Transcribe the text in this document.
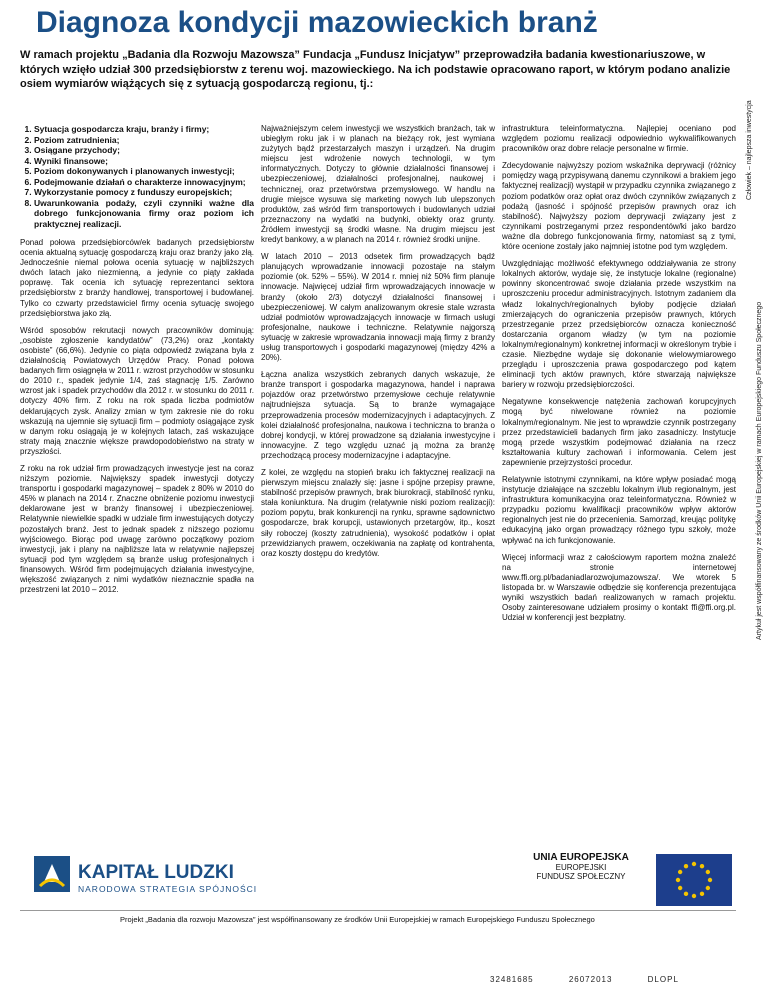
Diagnoza kondycji mazowieckich branż
W ramach projektu „Badania dla Rozwoju Mazowsza” Fundacja „Fundusz Inicjatyw” przeprowadziła badania kwestionariuszowe, w których wzięło udział 300 przedsiębiorstw z terenu woj. mazowieckiego. Na ich podstawie opracowano raport, w którym podano analizie osiem wymiarów wiążących się z sytuacją gospodarczą regionu, tj.:
1. Sytuacja gospodarcza kraju, branży i firmy;
2. Poziom zatrudnienia;
3. Osiągane przychody;
4. Wyniki finansowe;
5. Poziom dokonywanych i planowanych inwestycji;
6. Podejmowanie działań o charakterze innowacyjnym;
7. Wykorzystanie pomocy z funduszy europejskich;
8. Uwarunkowania podaży, czyli czynniki ważne dla dobrego funkcjonowania firmy oraz poziom ich praktycznej realizacji.

Ponad połowa przedsiębiorców/ek badanych przedsiębiorstw ocenia aktualną sytuację gospodarczą kraju oraz branży jako złą. Jednocześnie niemal połowa ocenia sytuację w najbliższych dwóch latach jako niezmienną, a jedynie co piąty zakłada poprawę. Tak ocenia ich sytuację reprezentanci sektora przedsiębiorstw z branży handlowej, transportowej i budowlanej. Tylko co czwarty przedstawiciel firmy ocenia sytuację swojego przedsiębiorstwa jako złą.

Wśród sposobów rekrutacji nowych pracowników dominują: „osobiste zgłoszenie kandydatów” (73,2%) oraz „kontakty osobiste” (66,6%). Jedynie co piąta odpowiedź związana była z działalnością Powiatowych Urzędów Pracy. Ponad połowa badanych firm osiągnęła w 2011 r. wzrost przychodów w stosunku do 2010 r., spadek jedynie 1/4, zaś stagnację 1/5. Zarówno wzrost jak i spadek przychodów dla 2012 r. w stosunku do 2011 r. dotyczy 40% firm. Z roku na rok spada liczba podmiotów deklarujących zysk. Analizy zmian w tym zakresie nie do roku wskazują na ujemnie się sytuacji firm – podmioty osiągające zysk w danym roku osiągają je w kolejnych latach, zaś wskazujące straty mają znacznie większe prawdopodobieństwo na straty w przyszłości.

Z roku na rok udział firm prowadzących inwestycje jest na coraz niższym poziomie. Największy spadek inwestycji dotyczy transportu i gospodarki magazynowej – spadek z 80% w 2010 do 45% w planach na 2014 r. Znaczne obniżenie poziomu inwestycji deklarowane jest w branży finansowej i ubezpieczeniowej. Relatywnie niewielkie spadki w udziale firm inwestujących dotyczy pozostałych branż. Jest to jednak spadek z niższego poziomu wyjściowego. Biorąc pod uwagę zarówno początkowy poziom inwestycji, jak i plany na najbliższe lata w relatywnie najlepszej sytuacji pod tym względem są branże usług profesjonalnych i finansowych. Wśród firm podejmujących działania inwestycyjne, większość związanych z nimi wydatków nieznacznie spadła na przestrzeni lat 2010 – 2012.

Najważniejszym celem inwestycji we wszystkich branżach, tak w ubiegłym roku jak i w planach na bieżący rok, jest wymiana zużytych bądź przestarzałych maszyn i urządzeń. Na drugim miejscu jest wdrożenie nowych technologii, w tym informatycznych. Dotyczy to głównie działalności finansowej i ubezpieczeniowej, działalności profesjonalnej, naukowej i technicznej, oraz przetwórstwa przemysłowego. W handlu na drugie miejsce wysuwa się marketing nowych lub ulepszonych produktów, zaś wśród firm transportowych i budowlanych udział przeznaczony na wydatki na budynki, obiekty oraz grunty. Źródłem inwestycji są środki własne. Na drugim miejscu jest kredyt bankowy, a w planach na 2014 r. również środki unijne.

W latach 2010 – 2013 odsetek firm prowadzących bądź planujących wprowadzanie innowacji pozostaje na stałym poziomie (ok. 52% – 55%). W 2014 r. mniej niż 50% firm planuje innowacje. Najwięcej udział firm wprowadzających innowacje w branży (około 2/3) dotyczył działalności finansowej i ubezpieczeniowej. W całym analizowanym okresie stale wzrasta udział podmiotów wprowadzających innowacje w firmach usługi profesjonalne, naukowe i techniczne. Relatywnie najgorszą sytuację w zakresie wprowadzania innowacji mają firmy z branży usług transportowych i gospodarki magazynowej (między 42% a 20%).

Łączna analiza wszystkich zebranych danych wskazuje, że branże transport i gospodarka magazynowa, handel i naprawa pojazdów oraz przetwórstwo przemysłowe cechuje relatywnie najtrudniejsza sytuacja. Są to branże wymagające przeprowadzenia procesów modernizacyjnych i adaptacyjnych. Z kolei działalność profesjonalna, naukowa i techniczna to branża o dobrej kondycji, w której prowadzone są działania inwestycyjne i innowacyjne. Z tego względu uznać ją można za branżę przechodzącą procesy modernizacyjne i adaptacyjne.

Z kolei, ze względu na stopień braku ich faktycznej realizacji na pierwszym miejscu znalazły się: jasne i spójne przepisy prawne, stabilność przepisów prawnych, brak biurokracji, stabilność rynku, stała koniunktura. Na drugim (relatywnie niski poziom realizacji): poziom popytu, brak konkurencji na rynku, sprawne sądownictwo gospodarcze, brak korupcji, ustawionych przetargów, itp., koszt siły roboczej (koszty zatrudnienia), wysokość podatków i opłat przewidzianych prawem, oczekiwania na zapłatę od kontrahenta, oraz koszty dostępu do kredytów.

infrastruktura teleinformatyczna. Najlepiej oceniano pod względem poziomu realizacji odpowiednio wykwalifikowanych pracowników oraz dobre relacje personalne w firmie.

Zdecydowanie najwyższy poziom wskaźnika deprywacji (różnicy pomiędzy wagą przypisywaną danemu czynnikowi a brakiem jego faktycznej realizacji) wystąpił w przypadku czynnika związanego z poziom podatków oraz opłat oraz dwóch czynników związanych z podażą (jasność i spójność przepisów prawnych oraz ich stabilność). Najwyższy poziom deprywacji związany jest z czynnikami postrzeganymi przez respondentów/ki jako bardzo ważne dla dobrego funkcjonowania firmy, natomiast są z tymi, które ocenione zostały jako najmniej istotne pod tym względem.

Uwzględniając możliwość efektywnego oddziaływania ze strony lokalnych aktorów, wydaje się, że instytucje lokalne (regionalne) powinny skoncentrować swoje działania przede wszystkim na uproszczeniu procedur administracyjnych. Istotnym zadaniem dla władz lokalnych/regionalnych byłoby podjęcie działań zmierzających do ograniczenia przepisów prawnych, których przestrzeganie przez przedsiębiorców oznacza konieczność dostarczania organom władzy (w tym na poziomie lokalnym/regionalnym) konkretnej informacji w określonym trybie i czasie. Niezbędne wydaje się dokonanie wielowymiarowego przeglądu i uproszczenia prawa gospodarczego pod kątem eliminacji tych aktów prawnych, które stwarzają największe bariery w rozwoju przedsiębiorczości.

Negatywne konsekwencje natężenia zachowań korupcyjnych mogą być niwelowane również na poziomie lokalnym/regionalnym. Nie jest to wprawdzie czynnik postrzegany przez przedstawicieli badanych firm jako zasadniczy. Instytucje mogą przede wszystkim podejmować działania na rzecz kształtowania kultury zachowań i informowania. Celem jest zapewnienie przejrzystości procedur.

Relatywnie istotnymi czynnikami, na które wpływ posiadać mogą instytucje działające na szczeblu lokalnym i/lub regionalnym, jest infrastruktura komunikacyjna oraz teleinformatyczna. Również w przypadku poziomu kwalifikacji pracowników wpływ aktorów regionalnych jest nie do przecenienia. Samorząd, kreując politykę edukacyjną jako organ prowadzący różnego typu szkoły, może wpływać na ich funkcjonowanie.

Więcej informacji wraz z całościowym raportem można znaleźć na stronie internetowej www.ffi.org.pl/badaniadlarozwojumazowsza/. We wtorek 5 listopada br. w Warszawie odbędzie się konferencja prezentująca wyniki wszystkich badań realizowanych w ramach projektu. Osoby zainteresowane udziałem prosimy o kontakt ffi@ffi.org.pl. Udział w konferencji jest bezpłatny.

Człowiek – najlepsza inwestycja
Artykuł jest współfinansowany ze środków Unii Europejskiej w ramach Europejskiego Funduszu Społecznego
KAPITAŁ LUDZKI
NARODOWA STRATEGIA SPÓJNOŚCI
UNIA EUROPEJSKA
EUROPEJSKI
FUNDUSZ SPOŁECZNY
Projekt „Badania dla rozwoju Mazowsza” jest współfinansowany ze środków Unii Europejskiej w ramach Europejskiego Funduszu Społecznego
32481685	26072013	DLOPL
